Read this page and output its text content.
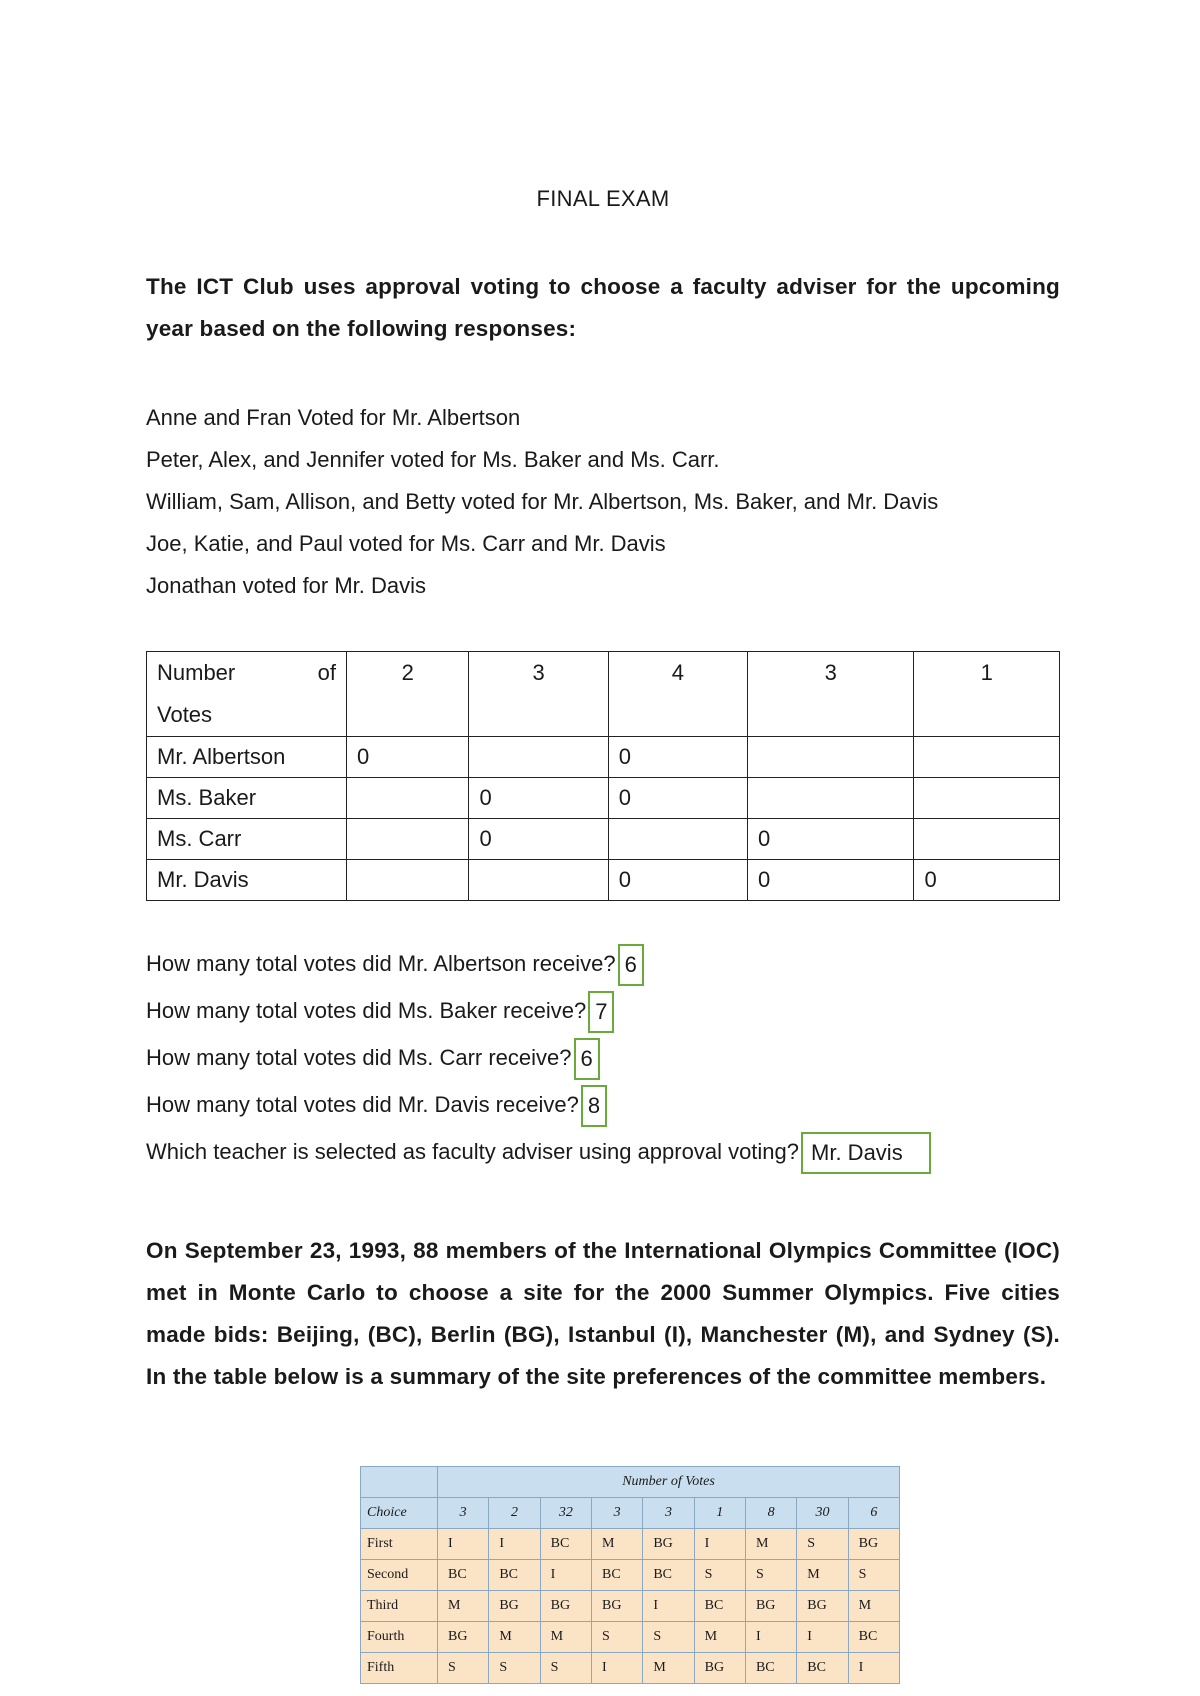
FINAL EXAM
The ICT Club uses approval voting to choose a faculty adviser for the upcoming year based on the following responses:
Anne and Fran Voted for Mr. Albertson
Peter, Alex, and Jennifer voted for Ms. Baker and Ms. Carr.
William, Sam, Allison, and Betty voted for Mr. Albertson, Ms. Baker, and Mr. Davis
Joe, Katie, and Paul voted for Ms. Carr and Mr. Davis
Jonathan voted for Mr. Davis
Number of
Votes	2	3	4	3	1
Mr. Albertson	0		0		
Ms. Baker		0	0		
Ms. Carr		0		0	
Mr. Davis			0	0	0
How many total votes did Mr. Albertson receive? 6
How many total votes did Ms. Baker receive? 7
How many total votes did Ms. Carr receive? 6
How many total votes did Mr. Davis receive? 8
Which teacher is selected as faculty adviser using approval voting? Mr. Davis
On September 23, 1993, 88 members of the International Olympics Committee (IOC) met in Monte Carlo to choose a site for the 2000 Summer Olympics. Five cities made bids: Beijing, (BC), Berlin (BG), Istanbul (I), Manchester (M), and Sydney (S). In the table below is a summary of the site preferences of the committee members.
	Number of Votes								
Choice	3	2	32	3	3	1	8	30	6
First	I	I	BC	M	BG	I	M	S	BG
Second	BC	BC	I	BC	BC	S	S	M	S
Third	M	BG	BG	BG	I	BC	BG	BG	M
Fourth	BG	M	M	S	S	M	I	I	BC
Fifth	S	S	S	I	M	BG	BC	BC	I
